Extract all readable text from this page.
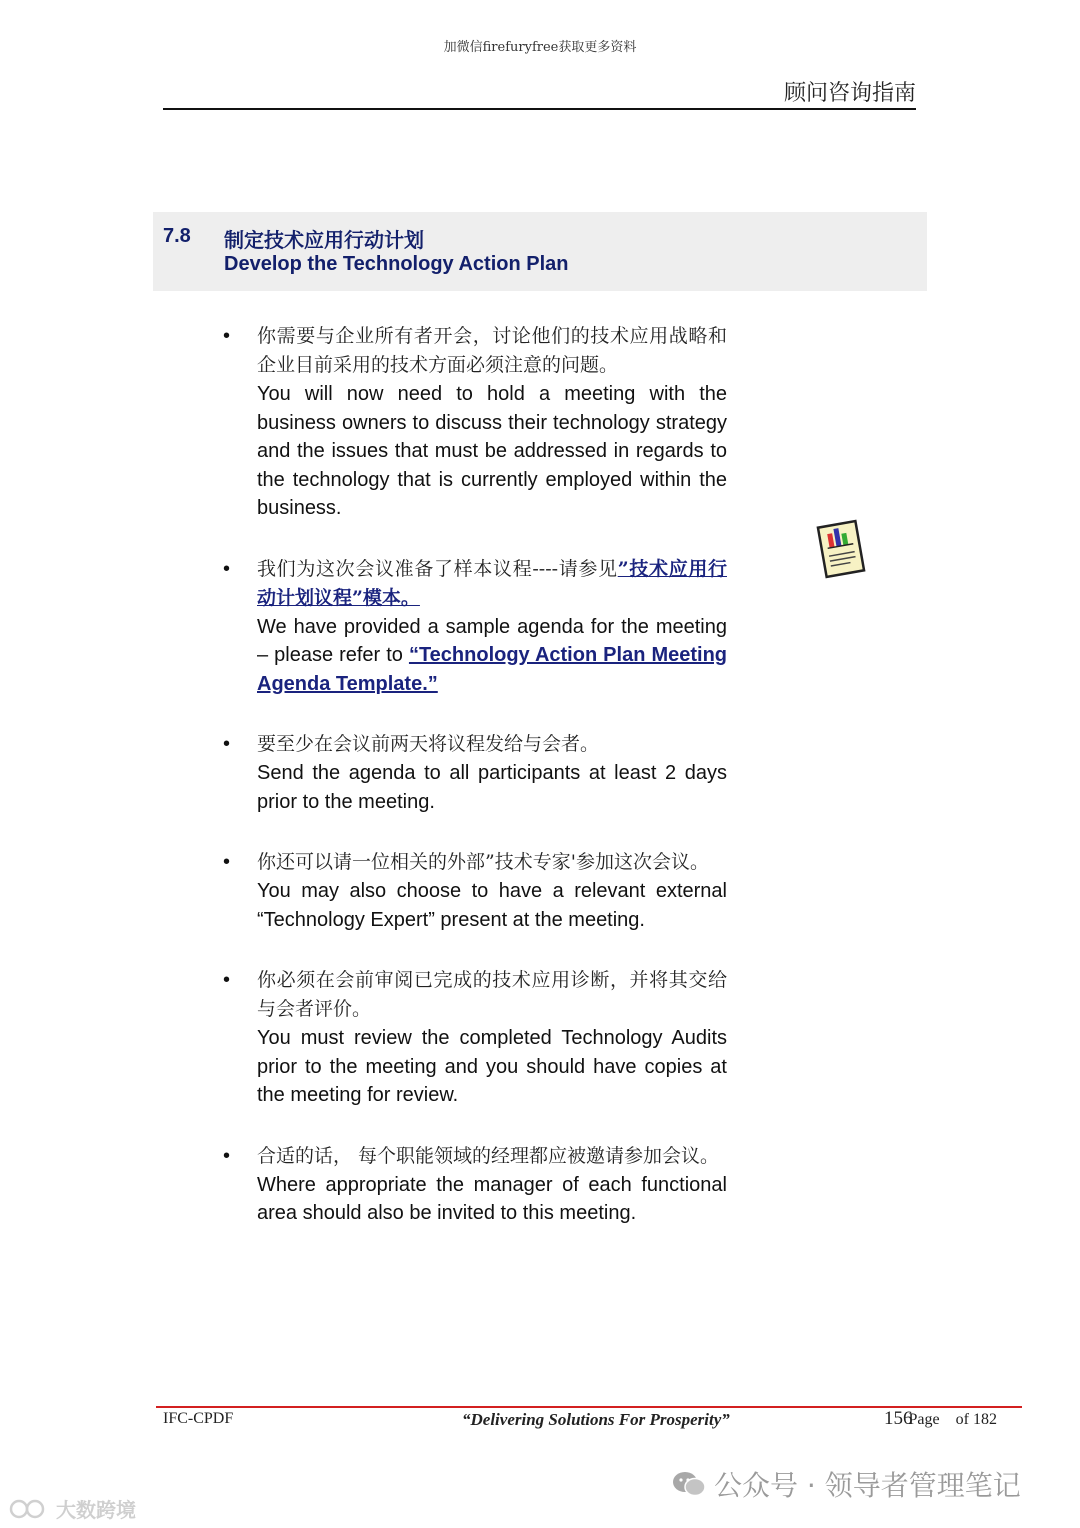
加微信firefuryfree获取更多资料
顾问咨询指南
7.8 制定技术应用行动计划
Develop the Technology Action Plan
• 你需要与企业所有者开会，讨论他们的技术应用战略和企业目前采用的技术方面必须注意的问题。
You will now need to hold a meeting with the business owners to discuss their technology strategy and the issues that must be addressed in regards to the technology that is currently employed within the business.
• 我们为这次会议准备了样本议程----请参见”技术应用行动计划议程”模本。
We have provided a sample agenda for the meeting – please refer to “Technology Action Plan Meeting Agenda Template.”
• 要至少在会议前两天将议程发给与会者。
Send the agenda to all participants at least 2 days prior to the meeting.
• 你还可以请一位相关的外部”技术专家'参加这次会议。
You may also choose to have a relevant external “Technology Expert” present at the meeting.
• 你必须在会前审阅已完成的技术应用诊断，并将其交给与会者评价。
You must review the completed Technology Audits prior to the meeting and you should have copies at the meeting for review.
• 合适的话， 每个职能领域的经理都应被邀请参加会议。
Where appropriate the manager of each functional area should also be invited to this meeting.
IFC-CPDF	“Delivering Solutions For Prosperity”	156Page of 182
公众号 · 领导者管理笔记
大数跨境
